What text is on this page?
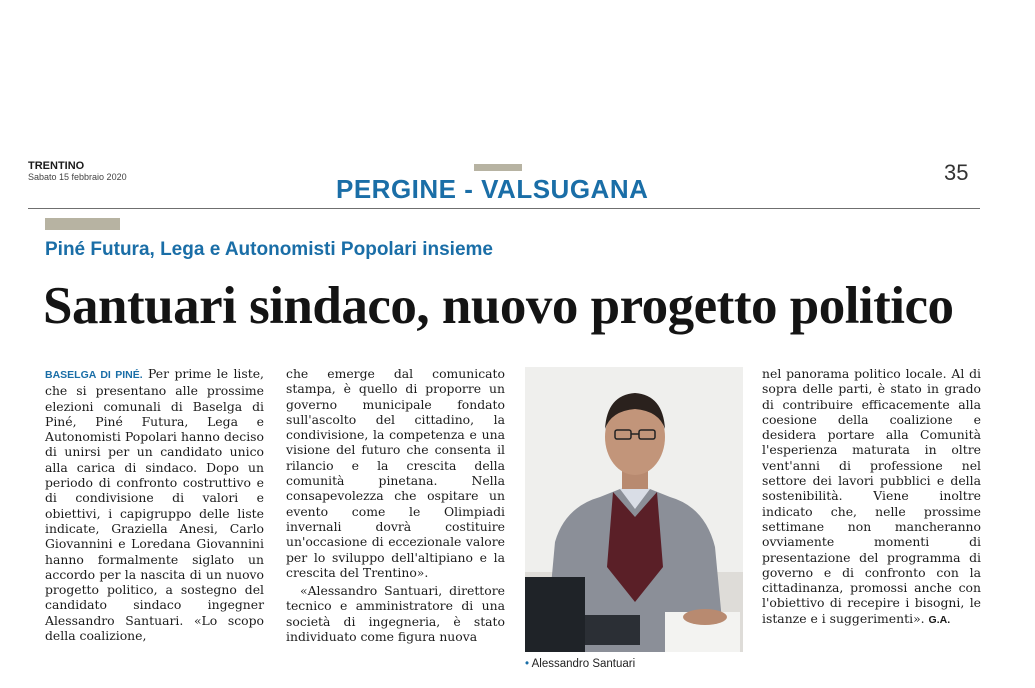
TRENTINO
Sabato 15 febbraio 2020	PERGINE - VALSUGANA
35
Piné Futura, Lega e Autonomisti Popolari insieme
Santuari sindaco, nuovo progetto politico

BASELGA DI PINÉ. Per prime le liste, che si presentano alle prossime elezioni comunali di Baselga di Piné, Piné Futura, Lega e Autonomisti Popolari hanno deciso di unirsi per un candidato unico alla carica di sindaco. Dopo un periodo di confronto costruttivo e di condivisione di valori e obiettivi, i capigruppo delle liste indicate, Graziella Anesi, Carlo Giovannini e Loredana Giovannini hanno formalmente siglato un accordo per la nascita di un nuovo progetto politico, a sostegno del candidato sindaco ingegner Alessandro Santuari. «Lo scopo della coalizione,

che emerge dal comunicato stampa, è quello di proporre un governo municipale fondato sull'ascolto del cittadino, la condivisione, la competenza e una visione del futuro che consenta il rilancio e la crescita della comunità pinetana. Nella consapevolezza che ospitare un evento come le Olimpiadi invernali dovrà costituire un'occasione di eccezionale valore per lo sviluppo dell'altipiano e la crescita del Trentino».

«Alessandro Santuari, direttore tecnico e amministratore di una società di ingegneria, è stato individuato come figura nuova

• Alessandro Santuari

nel panorama politico locale. Al di sopra delle parti, è stato in grado di contribuire efficacemente alla coesione della coalizione e desidera portare alla Comunità l'esperienza maturata in oltre vent'anni di professione nel settore dei lavori pubblici e della sostenibilità. Viene inoltre indicato che, nelle prossime settimane non mancheranno ovviamente momenti di presentazione del programma di governo e di confronto con la cittadinanza, promossi anche con l'obiettivo di recepire i bisogni, le istanze e i suggerimenti». G.A.
